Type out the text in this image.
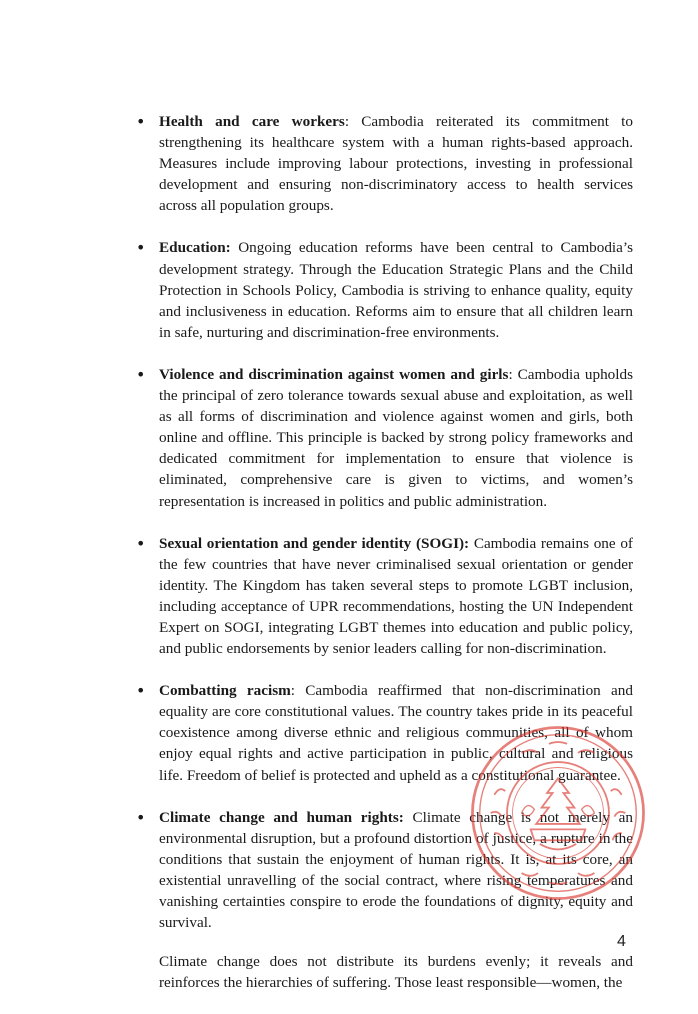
• Health and care workers: Cambodia reiterated its commitment to strengthening its healthcare system with a human rights-based approach. Measures include improving labour protections, investing in professional development and ensuring non-discriminatory access to health services across all population groups.

• Education: Ongoing education reforms have been central to Cambodia’s development strategy. Through the Education Strategic Plans and the Child Protection in Schools Policy, Cambodia is striving to enhance quality, equity and inclusiveness in education. Reforms aim to ensure that all children learn in safe, nurturing and discrimination-free environments.

• Violence and discrimination against women and girls: Cambodia upholds the principal of zero tolerance towards sexual abuse and exploitation, as well as all forms of discrimination and violence against women and girls, both online and offline. This principle is backed by strong policy frameworks and dedicated commitment for implementation to ensure that violence is eliminated, comprehensive care is given to victims, and women’s representation is increased in politics and public administration.

• Sexual orientation and gender identity (SOGI): Cambodia remains one of the few countries that have never criminalised sexual orientation or gender identity. The Kingdom has taken several steps to promote LGBT inclusion, including acceptance of UPR recommendations, hosting the UN Independent Expert on SOGI, integrating LGBT themes into education and public policy, and public endorsements by senior leaders calling for non-discrimination.

• Combatting racism: Cambodia reaffirmed that non-discrimination and equality are core constitutional values. The country takes pride in its peaceful coexistence among diverse ethnic and religious communities, all of whom enjoy equal rights and active participation in public, cultural and religious life. Freedom of belief is protected and upheld as a constitutional guarantee.

• Climate change and human rights: Climate change is not merely an environmental disruption, but a profound distortion of justice, a rupture in the conditions that sustain the enjoyment of human rights. It is, at its core, an existential unravelling of the social contract, where rising temperatures and vanishing certainties conspire to erode the foundations of dignity, equity and survival.

Climate change does not distribute its burdens evenly; it reveals and reinforces the hierarchies of suffering. Those least responsible—women, the

4
